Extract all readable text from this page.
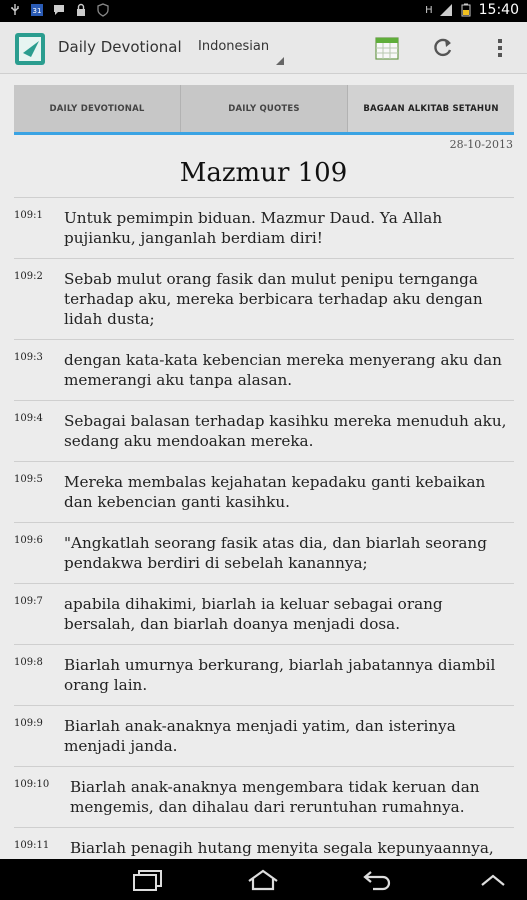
31	H	15:40
Daily Devotional Indonesian
DAILY DEVOTIONAL	DAILY QUOTES	BAGAAN ALKITAB SETAHUN
28-10-2013
Mazmur 109
109:1 Untuk pemimpin biduan. Mazmur Daud. Ya Allah pujianku, janganlah berdiam diri!
109:2 Sebab mulut orang fasik dan mulut penipu ternganga terhadap aku, mereka berbicara terhadap aku dengan lidah dusta;
109:3 dengan kata-kata kebencian mereka menyerang aku dan memerangi aku tanpa alasan.
109:4 Sebagai balasan terhadap kasihku mereka menuduh aku, sedang aku mendoakan mereka.
109:5 Mereka membalas kejahatan kepadaku ganti kebaikan dan kebencian ganti kasihku.
109:6 "Angkatlah seorang fasik atas dia, dan biarlah seorang pendakwa berdiri di sebelah kanannya;
109:7 apabila dihakimi, biarlah ia keluar sebagai orang bersalah, dan biarlah doanya menjadi dosa.
109:8 Biarlah umurnya berkurang, biarlah jabatannya diambil orang lain.
109:9 Biarlah anak-anaknya menjadi yatim, dan isterinya menjadi janda.
109:10 Biarlah anak-anaknya mengembara tidak keruan dan mengemis, dan dihalau dari reruntuhan rumahnya.
109:11 Biarlah penagih hutang menyita segala kepunyaannya,
